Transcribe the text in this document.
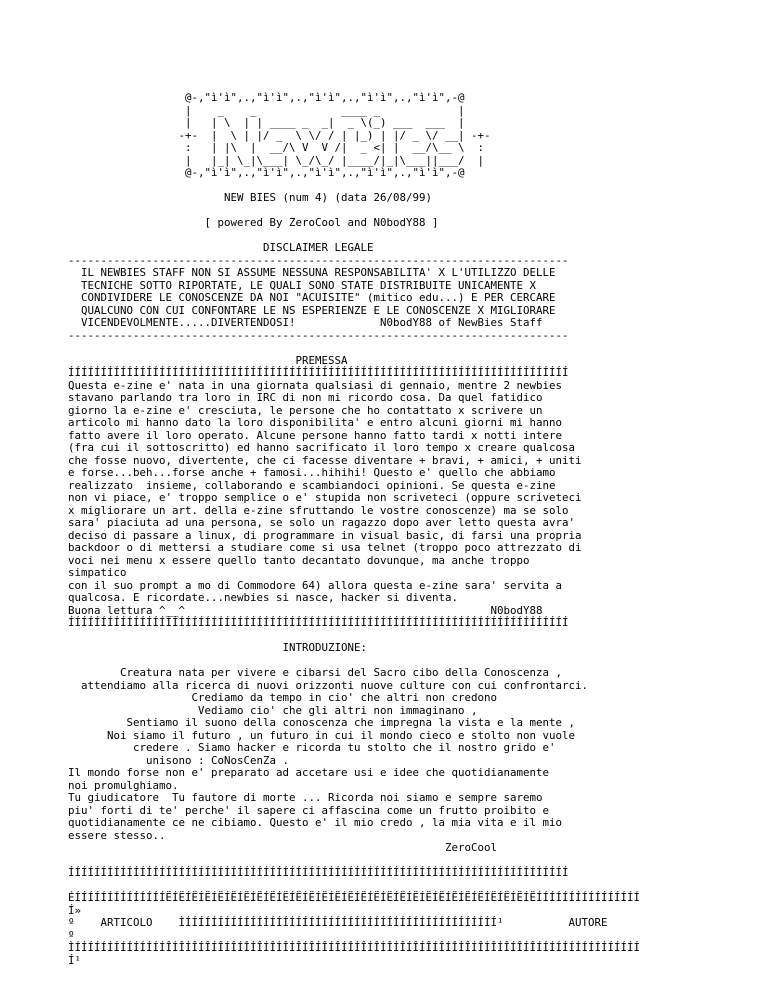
@-,"ì'ì",.,"ì'ì",.,"ì'ì",.,"ì'ì",.,"ì'ì",-@
|    _    _             ____ _            |
|   | \  | | ____ _  _|  _ \(_) ___  ___  |
-+-  |  \ | |/ _  \ \/ / | |_) | |/ _ \/ __| -+-
:   | |\  |  __/\ V  V /|  _ <| |  __/\__ \  :
|   |_| \_|\___| \_/\_/ |____/|_|\___||___/  |
@-,"ì'ì",.,"ì'ì",.,"ì'ì",.,"ì'ì",.,"ì'ì",-@

NEW BIES (num 4) (data 26/08/99)

[ powered By ZeroCool and N0bodY88 ]

DISCLAIMER LEGALE
-----------------------------------------------------------------------------
IL NEWBIES STAFF NON SI ASSUME NESSUNA RESPONSABILITA' X L'UTILIZZO DELLE
TECNICHE SOTTO RIPORTATE, LE QUALI SONO STATE DISTRIBUITE UNICAMENTE X
CONDIVIDERE LE CONOSCENZE DA NOI "ACUISITE" (mitico edu...) E PER CERCARE
QUALCUNO CON CUI CONFONTARE LE NS ESPERIENZE E LE CONOSCENZE X MIGLIORARE
VICENDEVOLMENTE.....DIVERTENDOSI!             N0bodY88 of NewBies Staff
-----------------------------------------------------------------------------

PREMESSA
ÍÍÍÍÍÍÍÍÍÍÍÍÍÍÍÍÍÍÍÍÍÍÍÍÍÍÍÍÍÍÍÍÍÍÍÍÍÍÍÍÍÍÍÍÍÍÍÍÍÍÍÍÍÍÍÍÍÍÍÍÍÍÍÍÍÍÍÍÍÍÍÍÍÍÍÍÍ
Questa e-zine e' nata in una giornata qualsiasi di gennaio, mentre 2 newbies
stavano parlando tra loro in IRC di non mi ricordo cosa. Da quel fatidico
giorno la e-zine e' cresciuta, le persone che ho contattato x scrivere un
articolo mi hanno dato la loro disponibilita' e entro alcuni giorni mi hanno
fatto avere il loro operato. Alcune persone hanno fatto tardi x notti intere
(fra cui il sottoscritto) ed hanno sacrificato il loro tempo x creare qualcosa
che fosse nuovo, divertente, che ci facesse diventare + bravi, + amici, + uniti
e forse...beh...forse anche + famosi...hihihi! Questo e' quello che abbiamo
realizzato  insieme, collaborando e scambiandoci opinioni. Se questa e-zine
non vi piace, e' troppo semplice o e' stupida non scriveteci (oppure scriveteci
x migliorare un art. della e-zine sfruttando le vostre conoscenze) ma se solo
sara' piaciuta ad una persona, se solo un ragazzo dopo aver letto questa avra'
deciso di passare a linux, di programmare in visual basic, di farsi una propria
backdoor o di mettersi a studiare come si usa telnet (troppo poco attrezzato di
voci nei menu x essere quello tanto decantato dovunque, ma anche troppo
simpatico
con il suo prompt a mo di Commodore 64) allora questa e-zine sara' servita a
qualcosa. E ricordate...newbies si nasce, hacker si diventa.
Buona lettura ^__^                                               N0bodY88
ÍÍÍÍÍÍÍÍÍÍÍÍÍÍÍÍÍÍÍÍÍÍÍÍÍÍÍÍÍÍÍÍÍÍÍÍÍÍÍÍÍÍÍÍÍÍÍÍÍÍÍÍÍÍÍÍÍÍÍÍÍÍÍÍÍÍÍÍÍÍÍÍÍÍÍÍÍ

INTRODUZIONE:

Creatura nata per vivere e cibarsi del Sacro cibo della Conoscenza ,
attendiamo alla ricerca di nuovi orizzonti nuove culture con cui confrontarci.
Crediamo da tempo in cio' che altri non credono
Vediamo cio' che gli altri non immaginano ,
Sentiamo il suono della conoscenza che impregna la vista e la mente ,
Noi siamo il futuro , un futuro in cui il mondo cieco e stolto non vuole
credere . Siamo hacker e ricorda tu stolto che il nostro grido e'
unisono : CoNosCenZa .
Il mondo forse non e' preparato ad accetare usi e idee che quotidianamente
noi promulghiamo.
Tu giudicatore  Tu fautore di morte ... Ricorda noi siamo e sempre saremo
piu' forti di te' perche' il sapere ci affascina come un frutto proibito e
quotidianamente ce ne cibiamo. Questo e' il mio credo , la mia vita e il mio
essere stesso..
ZeroCool

ÍÍÍÍÍÍÍÍÍÍÍÍÍÍÍÍÍÍÍÍÍÍÍÍÍÍÍÍÍÍÍÍÍÍÍÍÍÍÍÍÍÍÍÍÍÍÍÍÍÍÍÍÍÍÍÍÍÍÍÍÍÍÍÍÍÍÍÍÍÍÍÍÍÍÍÍÍ

ÉÍÍÍÍÍÍÍÍÍÍÍÍÍÍËÍËÍËÍËÍËÍËÍËÍËÍËÍËÍËÍËÍËÍËÍËÍËÍËÍËÍËÍËÍËÍËÍËÍËÍËÍËÍËÍËÍËÍÍÍÍÍÍÍÍÍÍÍÍÍÍÍÍ
Í»
º    ARTICOLO    ÌÍÍÍÍÍÍÍÍÍÍÍÍÍÍÍÍÍÍÍÍÍÍÍÍÍÍÍÍÍÍÍÍÍÍÍÍÍÍÍÍÍÍÍÍÍÍÍÍ¹          AUTORE
º
ÌÍÍÍÍÍÍÍÍÍÍÍÍÍÍÎÍÎÍÎÍÎÍÎÍÎÍÎÍÎÍÎÍÎÍÎÍÎÍÎÍÎÍÎÍÎÍÎÍÎÍÎÍÎÍÎÍÎÍÎÍÎÍÎÍÎÍÎÍÎÍÎÍÍÍÍÍÍÍÍÍÍÍÍÍÍÍÍ
Í¹
